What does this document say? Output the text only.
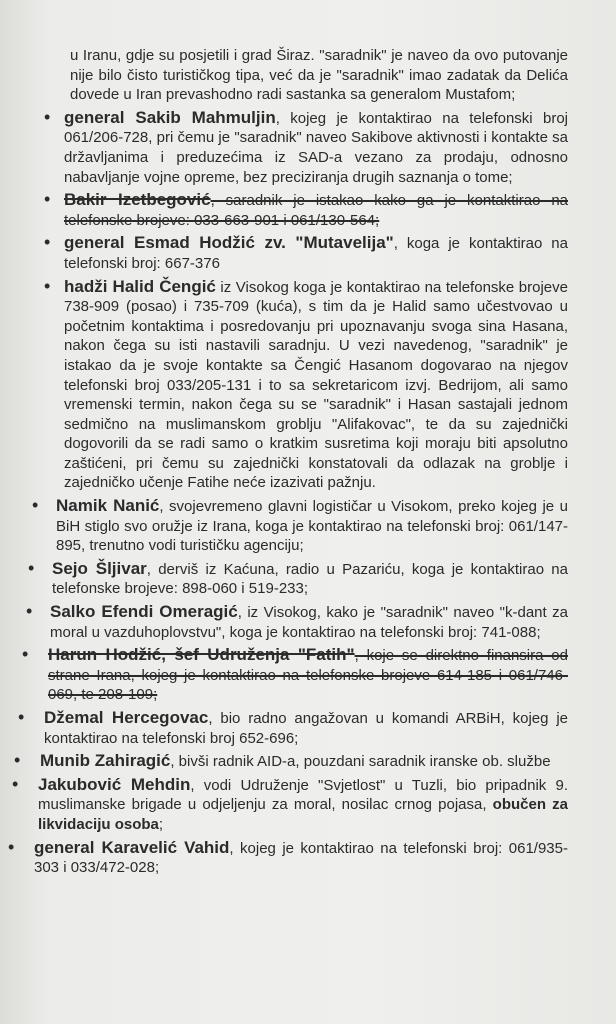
u Iranu, gdje su posjetili i grad Širaz. "saradnik" je naveo da ovo putovanje nije bilo čisto turističkog tipa, već da je "saradnik" imao zadatak da Delića dovede u Iran prevashodno radi sastanka sa generalom Mustafom;
• general Sakib Mahmuljin, kojeg je kontaktirao na telefonski broj 061/206-728, pri čemu je "saradnik" naveo Sakibove aktivnosti i kontakte sa državljanima i preduzećima iz SAD-a vezano za prodaju, odnosno nabavljanje vojne opreme, bez preciziranja drugih saznanja o tome;
• Bakir Izetbegović, saradnik je istakao kako ga je kontaktirao na telefonske brojeve: 033-663-901 i 061/130-564;
• general Esmad Hodžić zv. "Mutavelija", koga je kontaktirao na telefonski broj: 667-376
• hadži Halid Čengić iz Visokog koga je kontaktirao na telefonske brojeve 738-909 (posao) i 735-709 (kuća), s tim da je Halid samo učestvovao u početnim kontaktima i posredovanju pri upoznavanju svoga sina Hasana, nakon čega su isti nastavili saradnju. U vezi navedenog, "saradnik" je istakao da je svoje kontakte sa Čengić Hasanom dogovarao na njegov telefonski broj 033/205-131 i to sa sekretaricom izvj. Bedrijom, ali samo vremenski termin, nakon čega su se "saradnik" i Hasan sastajali jednom sedmično na muslimanskom groblju "Alifakovac", te da su zajednički dogovorili da se radi samo o kratkim susretima koji moraju biti apsolutno zaštićeni, pri čemu su zajednički konstatovali da odlazak na groblje i zajedničko učenje Fatihe neće izazivati pažnju.
• Namik Nanić, svojevremeno glavni logističar u Visokom, preko kojeg je u BiH stiglo svo oružje iz Irana, koga je kontaktirao na telefonski broj: 061/147-895, trenutno vodi turističku agenciju;
• Sejo Šljivar, derviš iz Kaćuna, radio u Pazariću, koga je kontaktirao na telefonske brojeve: 898-060 i 519-233;
• Salko Efendi Omeragić, iz Visokog, kako je "saradnik" naveo "k-dant za moral u vazduhoplovstvu", koga je kontaktirao na telefonski broj: 741-088;
• Harun Hodžić, šef Udruženja "Fatih", koje se direktno finansira od strane Irana, kojeg je kontaktirao na telefonske brojeve 614-185 i 061/746-069, te 208-109;
• Džemal Hercegovac, bio radno angažovan u komandi ARBiH, kojeg je kontaktirao na telefonski broj 652-696;
• Munib Zahiragić, bivši radnik AID-a, pouzdani saradnik iranske ob. službe
• Jakubović Mehdin, vodi Udruženje "Svjetlost" u Tuzli, bio pripadnik 9. muslimanske brigade u odjeljenju za moral, nosilac crnog pojasa, obučen za likvidaciju osoba;
• general Karavelić Vahid, kojeg je kontaktirao na telefonski broj: 061/935-303 i 033/472-028;
